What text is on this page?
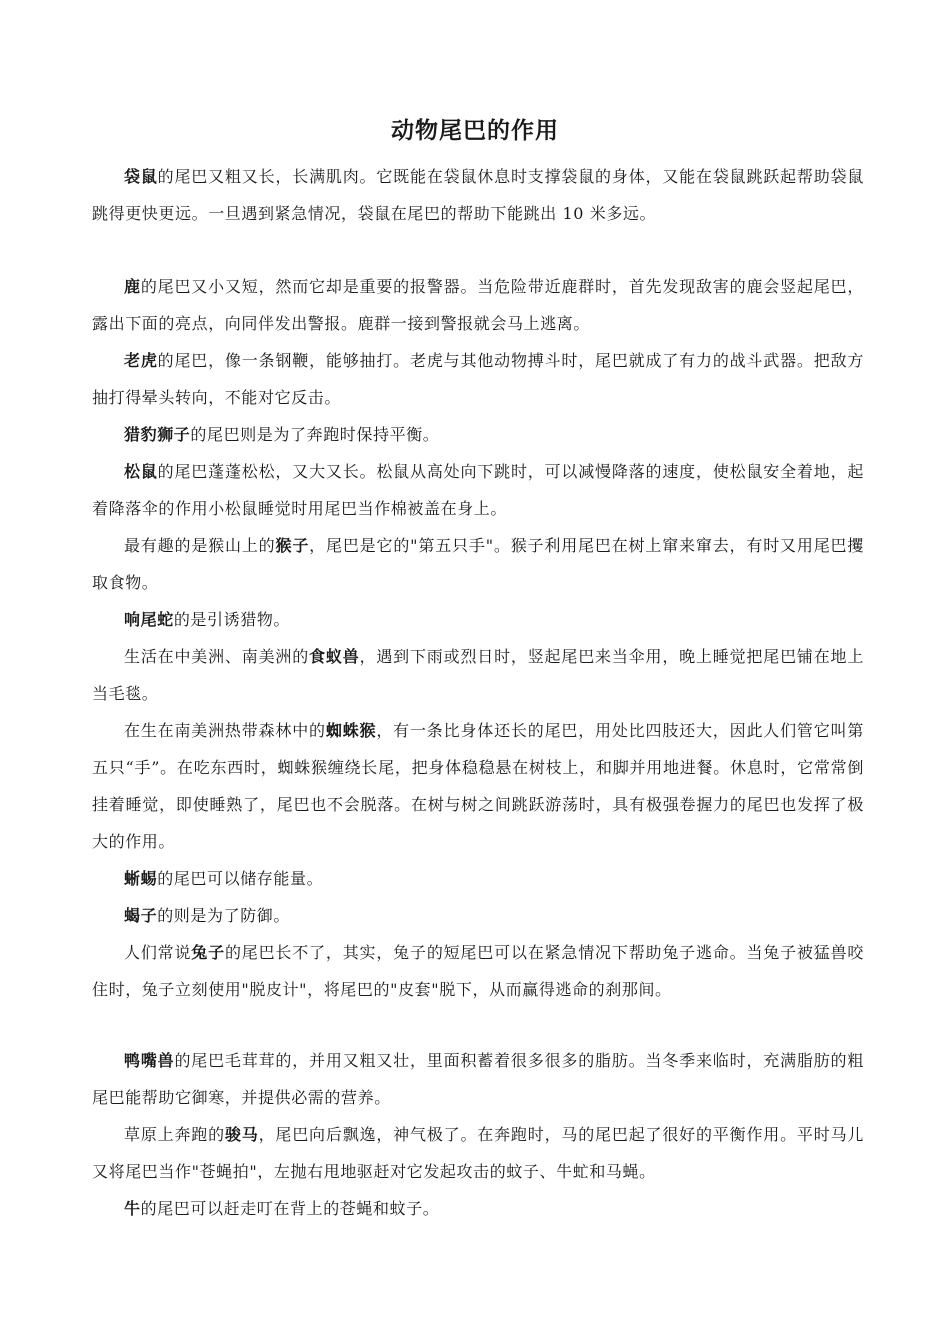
动物尾巴的作用

袋鼠的尾巴又粗又长，长满肌肉。它既能在袋鼠休息时支撑袋鼠的身体，又能在袋鼠跳跃起帮助袋鼠跳得更快更远。一旦遇到紧急情况，袋鼠在尾巴的帮助下能跳出 10 米多远。

鹿的尾巴又小又短，然而它却是重要的报警器。当危险带近鹿群时，首先发现敌害的鹿会竖起尾巴，露出下面的亮点，向同伴发出警报。鹿群一接到警报就会马上逃离。

老虎的尾巴，像一条钢鞭，能够抽打。老虎与其他动物搏斗时，尾巴就成了有力的战斗武器。把敌方抽打得晕头转向，不能对它反击。

猎豹狮子的尾巴则是为了奔跑时保持平衡。

松鼠的尾巴蓬蓬松松，又大又长。松鼠从高处向下跳时，可以减慢降落的速度，使松鼠安全着地，起着降落伞的作用小松鼠睡觉时用尾巴当作棉被盖在身上。

最有趣的是猴山上的猴子，尾巴是它的"第五只手"。猴子利用尾巴在树上窜来窜去，有时又用尾巴攫取食物。

响尾蛇的是引诱猎物。

生活在中美洲、南美洲的食蚁兽，遇到下雨或烈日时，竖起尾巴来当伞用，晚上睡觉把尾巴铺在地上当毛毯。

在生在南美洲热带森林中的蜘蛛猴，有一条比身体还长的尾巴，用处比四肢还大，因此人们管它叫第五只“手”。在吃东西时，蜘蛛猴缠绕长尾，把身体稳稳悬在树枝上，和脚并用地进餐。休息时，它常常倒挂着睡觉，即使睡熟了，尾巴也不会脱落。在树与树之间跳跃游荡时，具有极强卷握力的尾巴也发挥了极大的作用。

蜥蜴的尾巴可以储存能量。

蝎子的则是为了防御。

人们常说兔子的尾巴长不了，其实，兔子的短尾巴可以在紧急情况下帮助兔子逃命。当兔子被猛兽咬住时，兔子立刻使用"脱皮计"，将尾巴的"皮套"脱下，从而赢得逃命的刹那间。

鸭嘴兽的尾巴毛茸茸的，并用又粗又壮，里面积蓄着很多很多的脂肪。当冬季来临时，充满脂肪的粗尾巴能帮助它御寒，并提供必需的营养。

草原上奔跑的骏马，尾巴向后飘逸，神气极了。在奔跑时，马的尾巴起了很好的平衡作用。平时马儿又将尾巴当作"苍蝇拍"，左抛右甩地驱赶对它发起攻击的蚊子、牛虻和马蝇。

牛的尾巴可以赶走叮在背上的苍蝇和蚊子。
